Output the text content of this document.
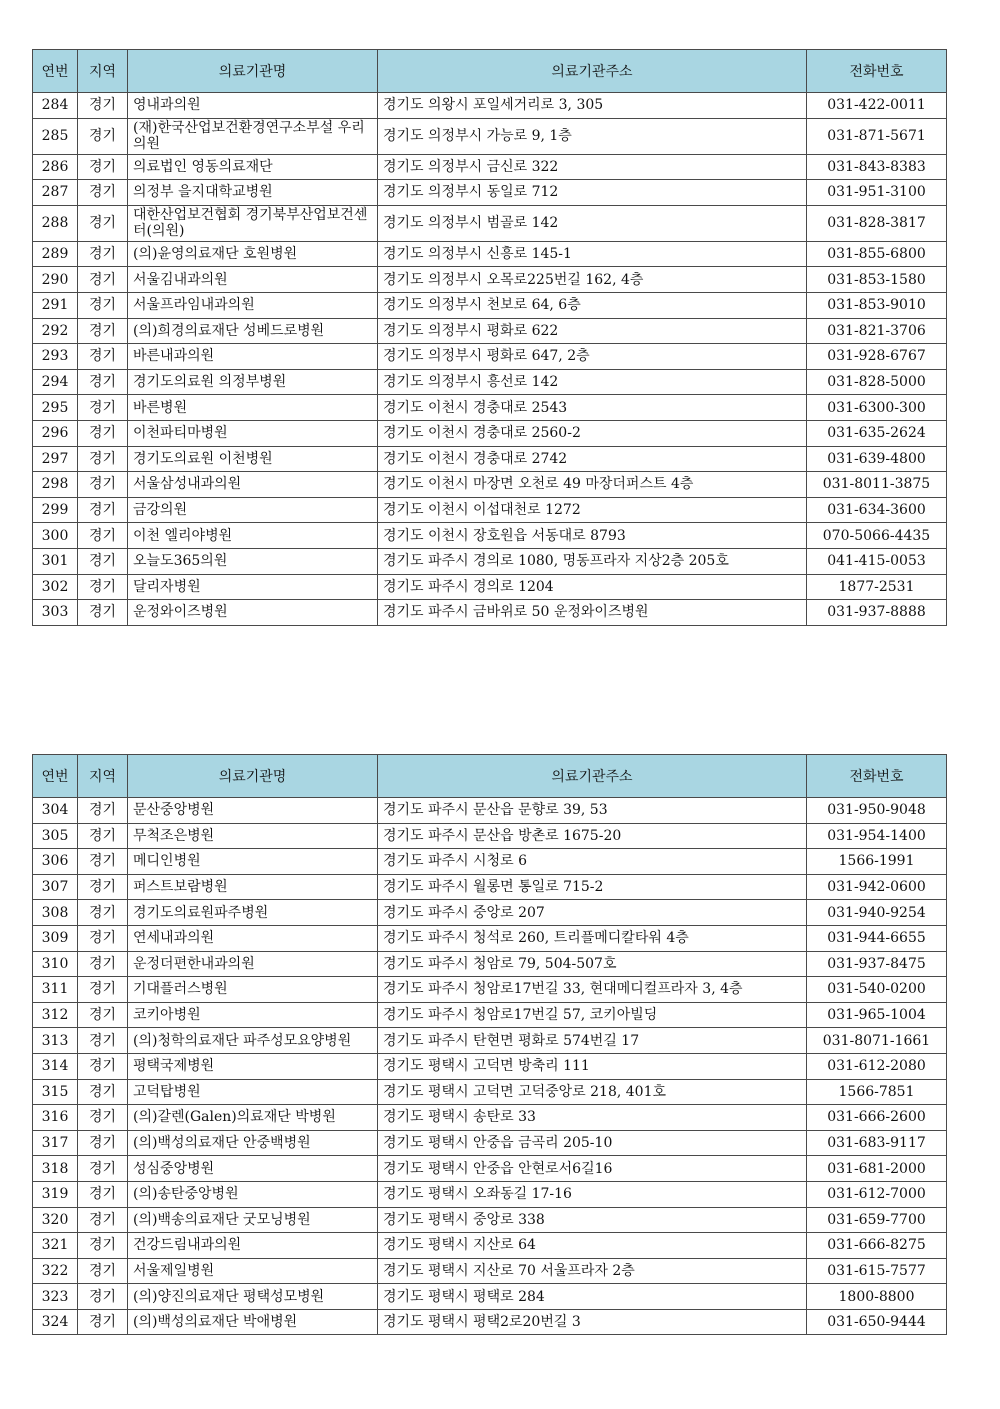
연번	지역	의료기관명	의료기관주소	전화번호
284	경기	영내과의원	경기도 의왕시 포일세거리로 3, 305	031-422-0011
285	경기	(재)한국산업보건환경연구소부설 우리의원	경기도 의정부시 가능로 9, 1층	031-871-5671
286	경기	의료법인 영동의료재단	경기도 의정부시 금신로 322	031-843-8383
287	경기	의정부 을지대학교병원	경기도 의정부시 동일로 712	031-951-3100
288	경기	대한산업보건협회 경기북부산업보건센터(의원)	경기도 의정부시 범골로 142	031-828-3817
289	경기	(의)윤영의료재단 호원병원	경기도 의정부시 신흥로 145-1	031-855-6800
290	경기	서울김내과의원	경기도 의정부시 오목로225번길 162, 4층	031-853-1580
291	경기	서울프라임내과의원	경기도 의정부시 천보로 64, 6층	031-853-9010
292	경기	(의)희경의료재단 성베드로병원	경기도 의정부시 평화로 622	031-821-3706
293	경기	바른내과의원	경기도 의정부시 평화로 647, 2층	031-928-6767
294	경기	경기도의료원 의정부병원	경기도 의정부시 흥선로 142	031-828-5000
295	경기	바른병원	경기도 이천시 경충대로 2543	031-6300-300
296	경기	이천파티마병원	경기도 이천시 경충대로 2560-2	031-635-2624
297	경기	경기도의료원 이천병원	경기도 이천시 경충대로 2742	031-639-4800
298	경기	서울삼성내과의원	경기도 이천시 마장면 오천로 49 마장더퍼스트 4층	031-8011-3875
299	경기	금강의원	경기도 이천시 이섭대천로 1272	031-634-3600
300	경기	이천 엘리야병원	경기도 이천시 장호원읍 서동대로 8793	070-5066-4435
301	경기	오늘도365의원	경기도 파주시 경의로 1080, 명동프라자 지상2층 205호	041-415-0053
302	경기	달리자병원	경기도 파주시 경의로 1204	1877-2531
303	경기	운정와이즈병원	경기도 파주시 금바위로 50 운정와이즈병원	031-937-8888
연번	지역	의료기관명	의료기관주소	전화번호
304	경기	문산중앙병원	경기도 파주시 문산읍 문향로 39, 53	031-950-9048
305	경기	무척조은병원	경기도 파주시 문산읍 방촌로 1675-20	031-954-1400
306	경기	메디인병원	경기도 파주시 시청로 6	1566-1991
307	경기	퍼스트보람병원	경기도 파주시 월롱면 통일로 715-2	031-942-0600
308	경기	경기도의료원파주병원	경기도 파주시 중앙로 207	031-940-9254
309	경기	연세내과의원	경기도 파주시 청석로 260, 트리플메디칼타워 4층	031-944-6655
310	경기	운정더편한내과의원	경기도 파주시 청암로 79, 504-507호	031-937-8475
311	경기	기대플러스병원	경기도 파주시 청암로17번길 33, 현대메디컬프라자 3, 4층	031-540-0200
312	경기	코키아병원	경기도 파주시 청암로17번길 57, 코키아빌딩	031-965-1004
313	경기	(의)청학의료재단 파주성모요양병원	경기도 파주시 탄현면 평화로 574번길 17	031-8071-1661
314	경기	평택국제병원	경기도 평택시 고덕면 방축리 111	031-612-2080
315	경기	고덕탑병원	경기도 평택시 고덕면 고덕중앙로 218, 401호	1566-7851
316	경기	(의)갈렌(Galen)의료재단 박병원	경기도 평택시 송탄로 33	031-666-2600
317	경기	(의)백성의료재단 안중백병원	경기도 평택시 안중읍 금곡리 205-10	031-683-9117
318	경기	성심중앙병원	경기도 평택시 안중읍 안현로서6길16	031-681-2000
319	경기	(의)송탄중앙병원	경기도 평택시 오좌동길 17-16	031-612-7000
320	경기	(의)백송의료재단 굿모닝병원	경기도 평택시 중앙로 338	031-659-7700
321	경기	건강드림내과의원	경기도 평택시 지산로 64	031-666-8275
322	경기	서울제일병원	경기도 평택시 지산로 70 서울프라자 2층	031-615-7577
323	경기	(의)양진의료재단 평택성모병원	경기도 평택시 평택로 284	1800-8800
324	경기	(의)백성의료재단 박애병원	경기도 평택시 평택2로20번길 3	031-650-9444
